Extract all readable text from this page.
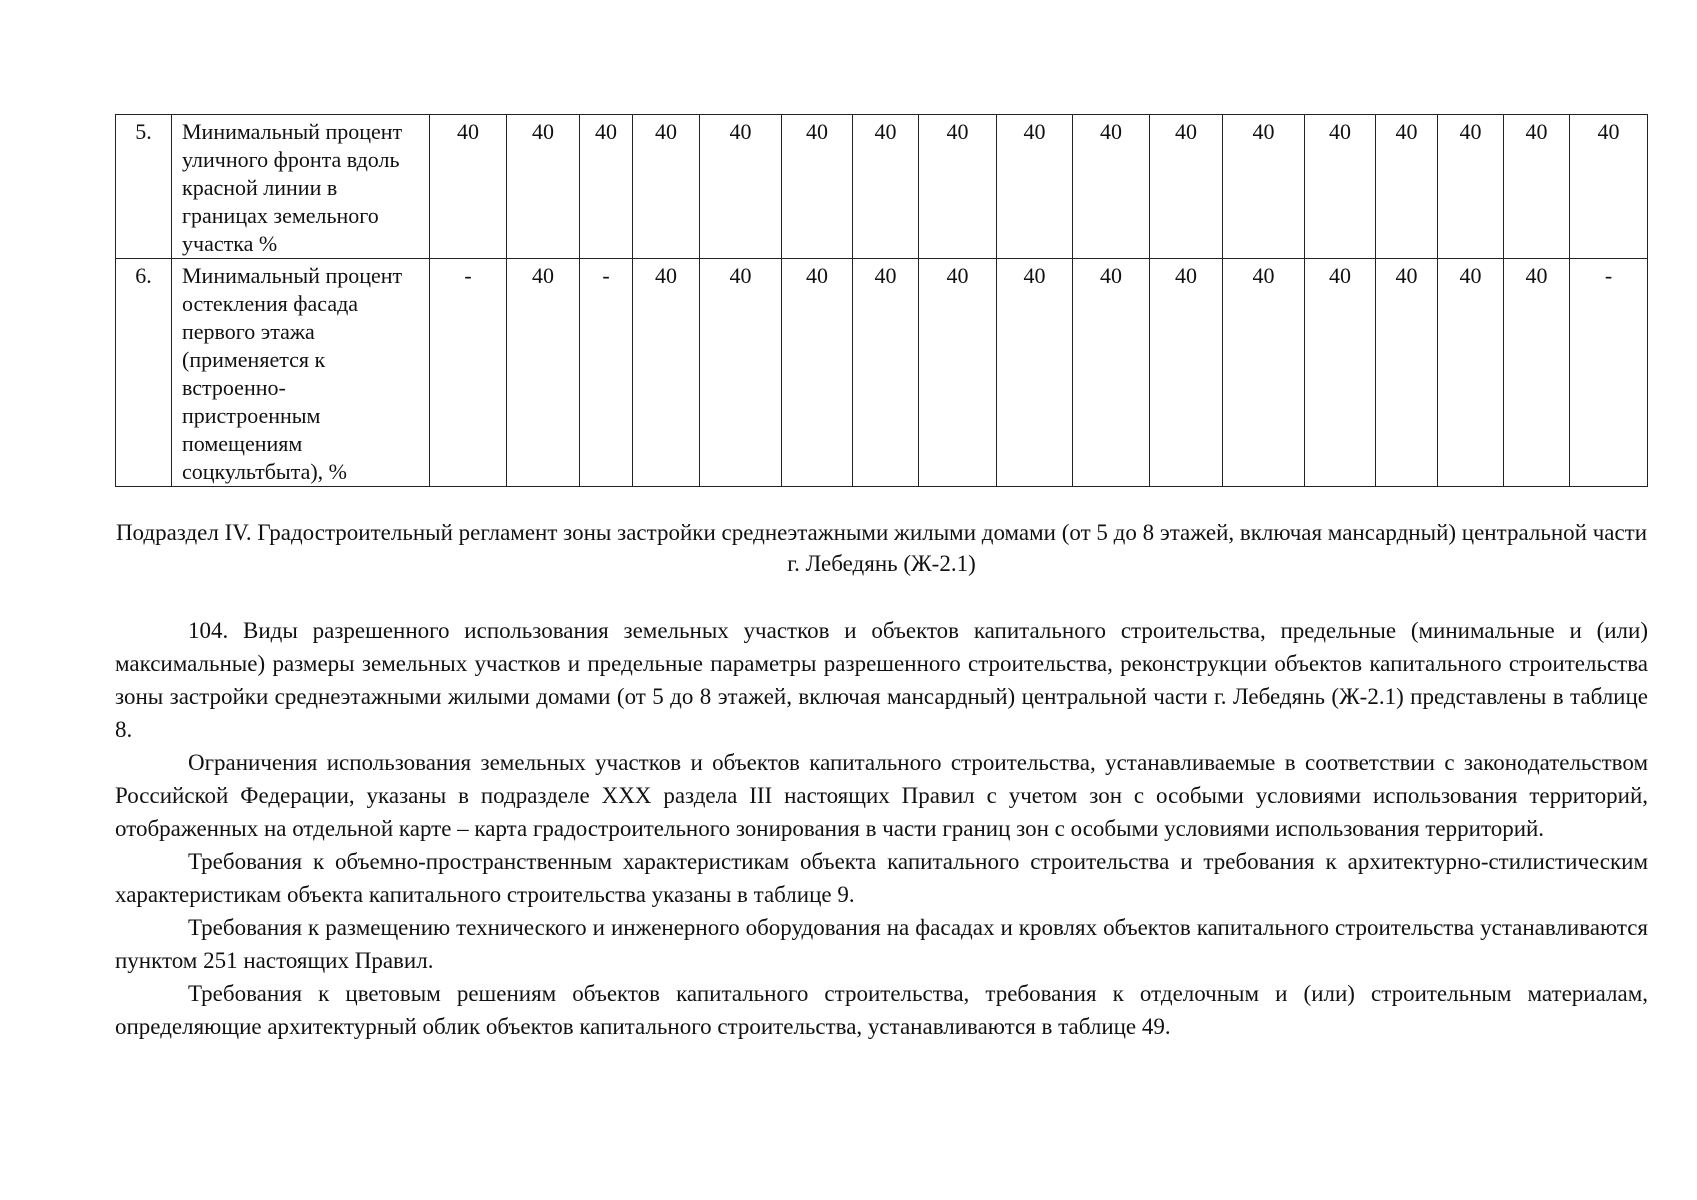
5.	Минимальный процент уличного фронта вдоль красной линии в границах земельного участка %	40	40	40	40	40	40	40	40	40	40	40	40	40	40	40	40	40
6.	Минимальный процент остекления фасада первого этажа (применяется к встроенно-пристроенным помещениям соцкультбыта), %	-	40	-	40	40	40	40	40	40	40	40	40	40	40	40	40	-
Подраздел IV. Градостроительный регламент зоны застройки среднеэтажными жилыми домами (от 5 до 8 этажей, включая мансардный) центральной части г. Лебедянь (Ж-2.1)

104. Виды разрешенного использования земельных участков и объектов капитального строительства, предельные (минимальные и (или) максимальные) размеры земельных участков и предельные параметры разрешенного строительства, реконструкции объектов капитального строительства зоны застройки среднеэтажными жилыми домами (от 5 до 8 этажей, включая мансардный) центральной части г. Лебедянь (Ж-2.1) представлены в таблице 8.

Ограничения использования земельных участков и объектов капитального строительства, устанавливаемые в соответствии с законодательством Российской Федерации, указаны в подразделе XXX раздела III настоящих Правил с учетом зон с особыми условиями использования территорий, отображенных на отдельной карте – карта градостроительного зонирования в части границ зон с особыми условиями использования территорий.

Требования к объемно-пространственным характеристикам объекта капитального строительства и требования к архитектурно-стилистическим характеристикам объекта капитального строительства указаны в таблице 9.

Требования к размещению технического и инженерного оборудования на фасадах и кровлях объектов капитального строительства устанавливаются пунктом 251 настоящих Правил.

Требования к цветовым решениям объектов капитального строительства, требования к отделочным и (или) строительным материалам, определяющие архитектурный облик объектов капитального строительства, устанавливаются в таблице 49.
